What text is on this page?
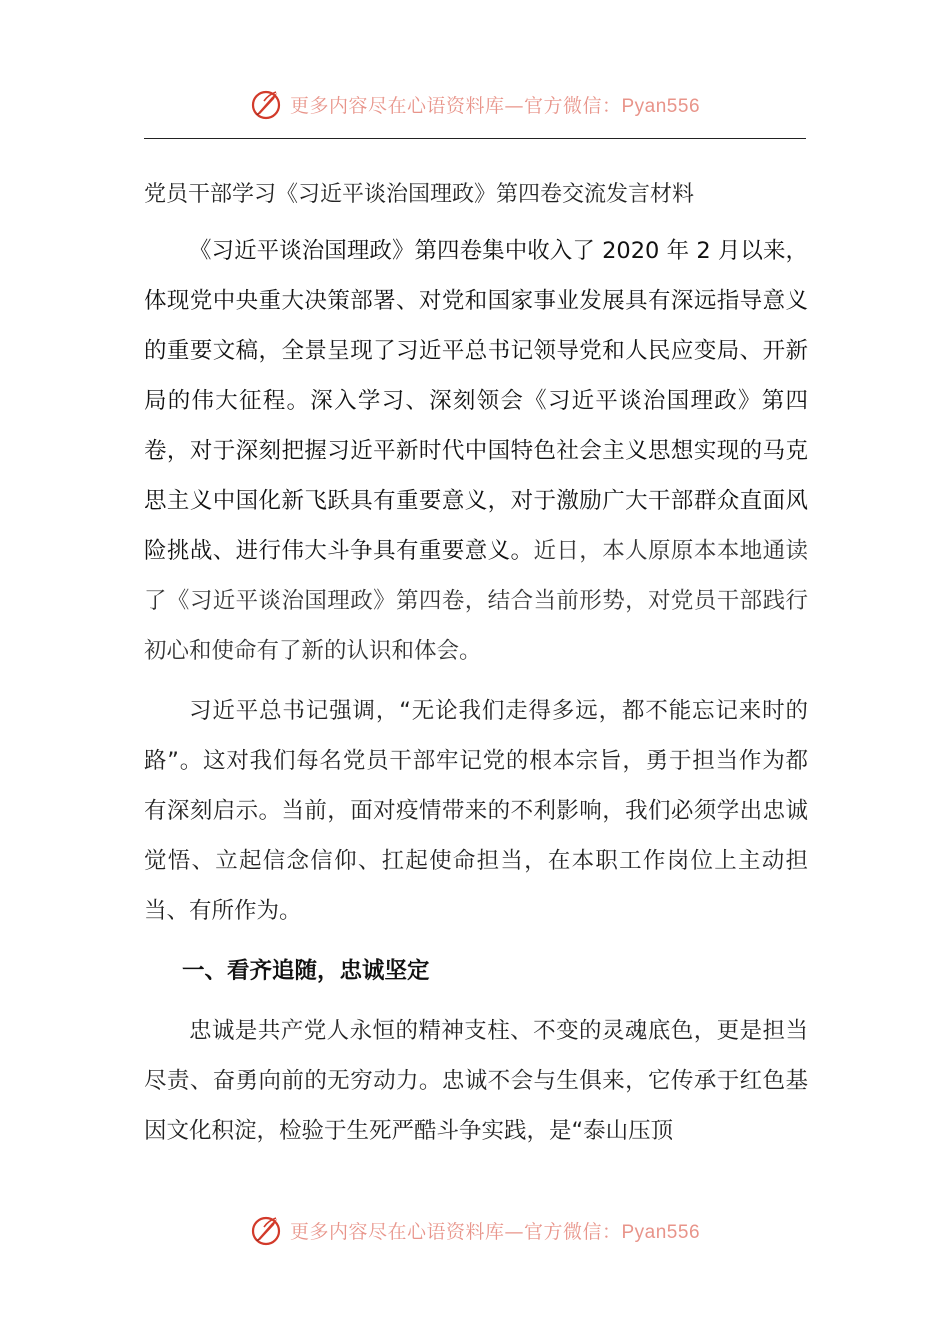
更多内容尽在心语资料库—官方微信：Pyan556
党员干部学习《习近平谈治国理政》第四卷交流发言材料

《习近平谈治国理政》第四卷集中收入了 2020 年 2 月以来，体现党中央重大决策部署、对党和国家事业发展具有深远指导意义的重要文稿，全景呈现了习近平总书记领导党和人民应变局、开新局的伟大征程。深入学习、深刻领会《习近平谈治国理政》第四卷，对于深刻把握习近平新时代中国特色社会主义思想实现的马克思主义中国化新飞跃具有重要意义，对于激励广大干部群众直面风险挑战、进行伟大斗争具有重要意义。近日，本人原原本本地通读了《习近平谈治国理政》第四卷，结合当前形势，对党员干部践行初心和使命有了新的认识和体会。

习近平总书记强调，“无论我们走得多远，都不能忘记来时的路”。这对我们每名党员干部牢记党的根本宗旨，勇于担当作为都有深刻启示。当前，面对疫情带来的不利影响，我们必须学出忠诚觉悟、立起信念信仰、扛起使命担当，在本职工作岗位上主动担当、有所作为。

一、看齐追随，忠诚坚定

忠诚是共产党人永恒的精神支柱、不变的灵魂底色，更是担当尽责、奋勇向前的无穷动力。忠诚不会与生俱来，它传承于红色基因文化积淀，检验于生死严酷斗争实践，是“泰山压顶

更多内容尽在心语资料库—官方微信：Pyan556
